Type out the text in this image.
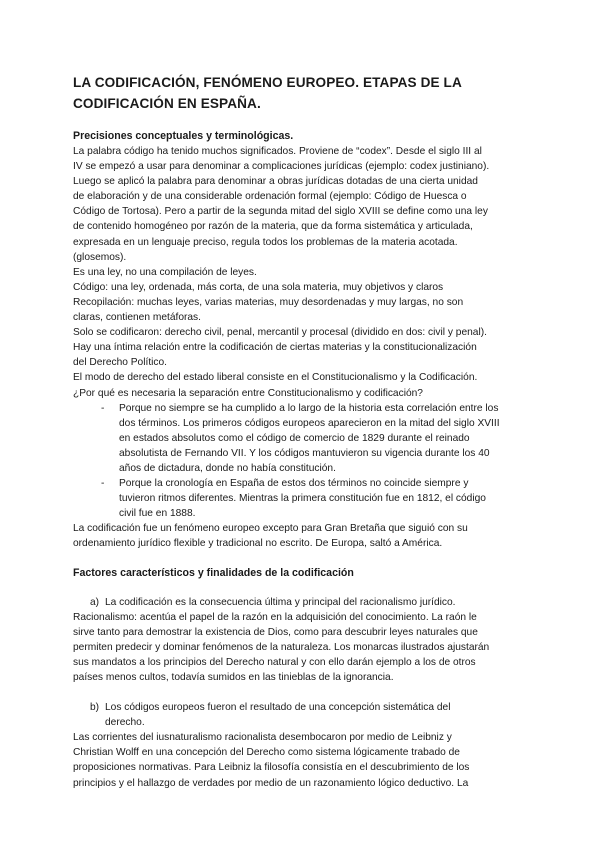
LA CODIFICACIÓN, FENÓMENO EUROPEO. ETAPAS DE LA
CODIFICACIÓN EN ESPAÑA.
Precisiones conceptuales y terminológicas.
La palabra código ha tenido muchos significados. Proviene de “codex”. Desde el siglo III al
IV se empezó a usar para denominar a complicaciones jurídicas (ejemplo: codex justiniano).
Luego se aplicó la palabra para denominar a obras jurídicas dotadas de una cierta unidad
de elaboración y de una considerable ordenación formal (ejemplo: Código de Huesca o
Código de Tortosa). Pero a partir de la segunda mitad del siglo XVIII se define como una ley
de contenido homogéneo por razón de la materia, que da forma sistemática y articulada,
expresada en un lenguaje preciso, regula todos los problemas de la materia acotada.
(glosemos).
Es una ley, no una compilación de leyes.
Código: una ley, ordenada, más corta, de una sola materia, muy objetivos y claros
Recopilación: muchas leyes, varias materias, muy desordenadas y muy largas, no son
claras, contienen metáforas.
Solo se codificaron: derecho civil, penal, mercantil y procesal (dividido en dos: civil y penal).
Hay una íntima relación entre la codificación de ciertas materias y la constitucionalización
del Derecho Político.
El modo de derecho del estado liberal consiste en el Constitucionalismo y la Codificación.
¿Por qué es necesaria la separación entre Constitucionalismo y codificación?
- Porque no siempre se ha cumplido a lo largo de la historia esta correlación entre los
dos términos. Los primeros códigos europeos aparecieron en la mitad del siglo XVIII
en estados absolutos como el código de comercio de 1829 durante el reinado
absolutista de Fernando VII. Y los códigos mantuvieron su vigencia durante los 40
años de dictadura, donde no había constitución.
- Porque la cronología en España de estos dos términos no coincide siempre y
tuvieron ritmos diferentes. Mientras la primera constitución fue en 1812, el código
civil fue en 1888.
La codificación fue un fenómeno europeo excepto para Gran Bretaña que siguió con su
ordenamiento jurídico flexible y tradicional no escrito. De Europa, saltó a América.
Factores característicos y finalidades de la codificación
a) La codificación es la consecuencia última y principal del racionalismo jurídico.
Racionalismo: acentúa el papel de la razón en la adquisición del conocimiento. La raón le
sirve tanto para demostrar la existencia de Dios, como para descubrir leyes naturales que
permiten predecir y dominar fenómenos de la naturaleza. Los monarcas ilustrados ajustarán
sus mandatos a los principios del Derecho natural y con ello darán ejemplo a los de otros
países menos cultos, todavía sumidos en las tinieblas de la ignorancia.
b) Los códigos europeos fueron el resultado de una concepción sistemática del
derecho.
Las corrientes del iusnaturalismo racionalista desembocaron por medio de Leibniz y
Christian Wolff en una concepción del Derecho como sistema lógicamente trabado de
proposiciones normativas. Para Leibniz la filosofía consistía en el descubrimiento de los
principios y el hallazgo de verdades por medio de un razonamiento lógico deductivo. La
